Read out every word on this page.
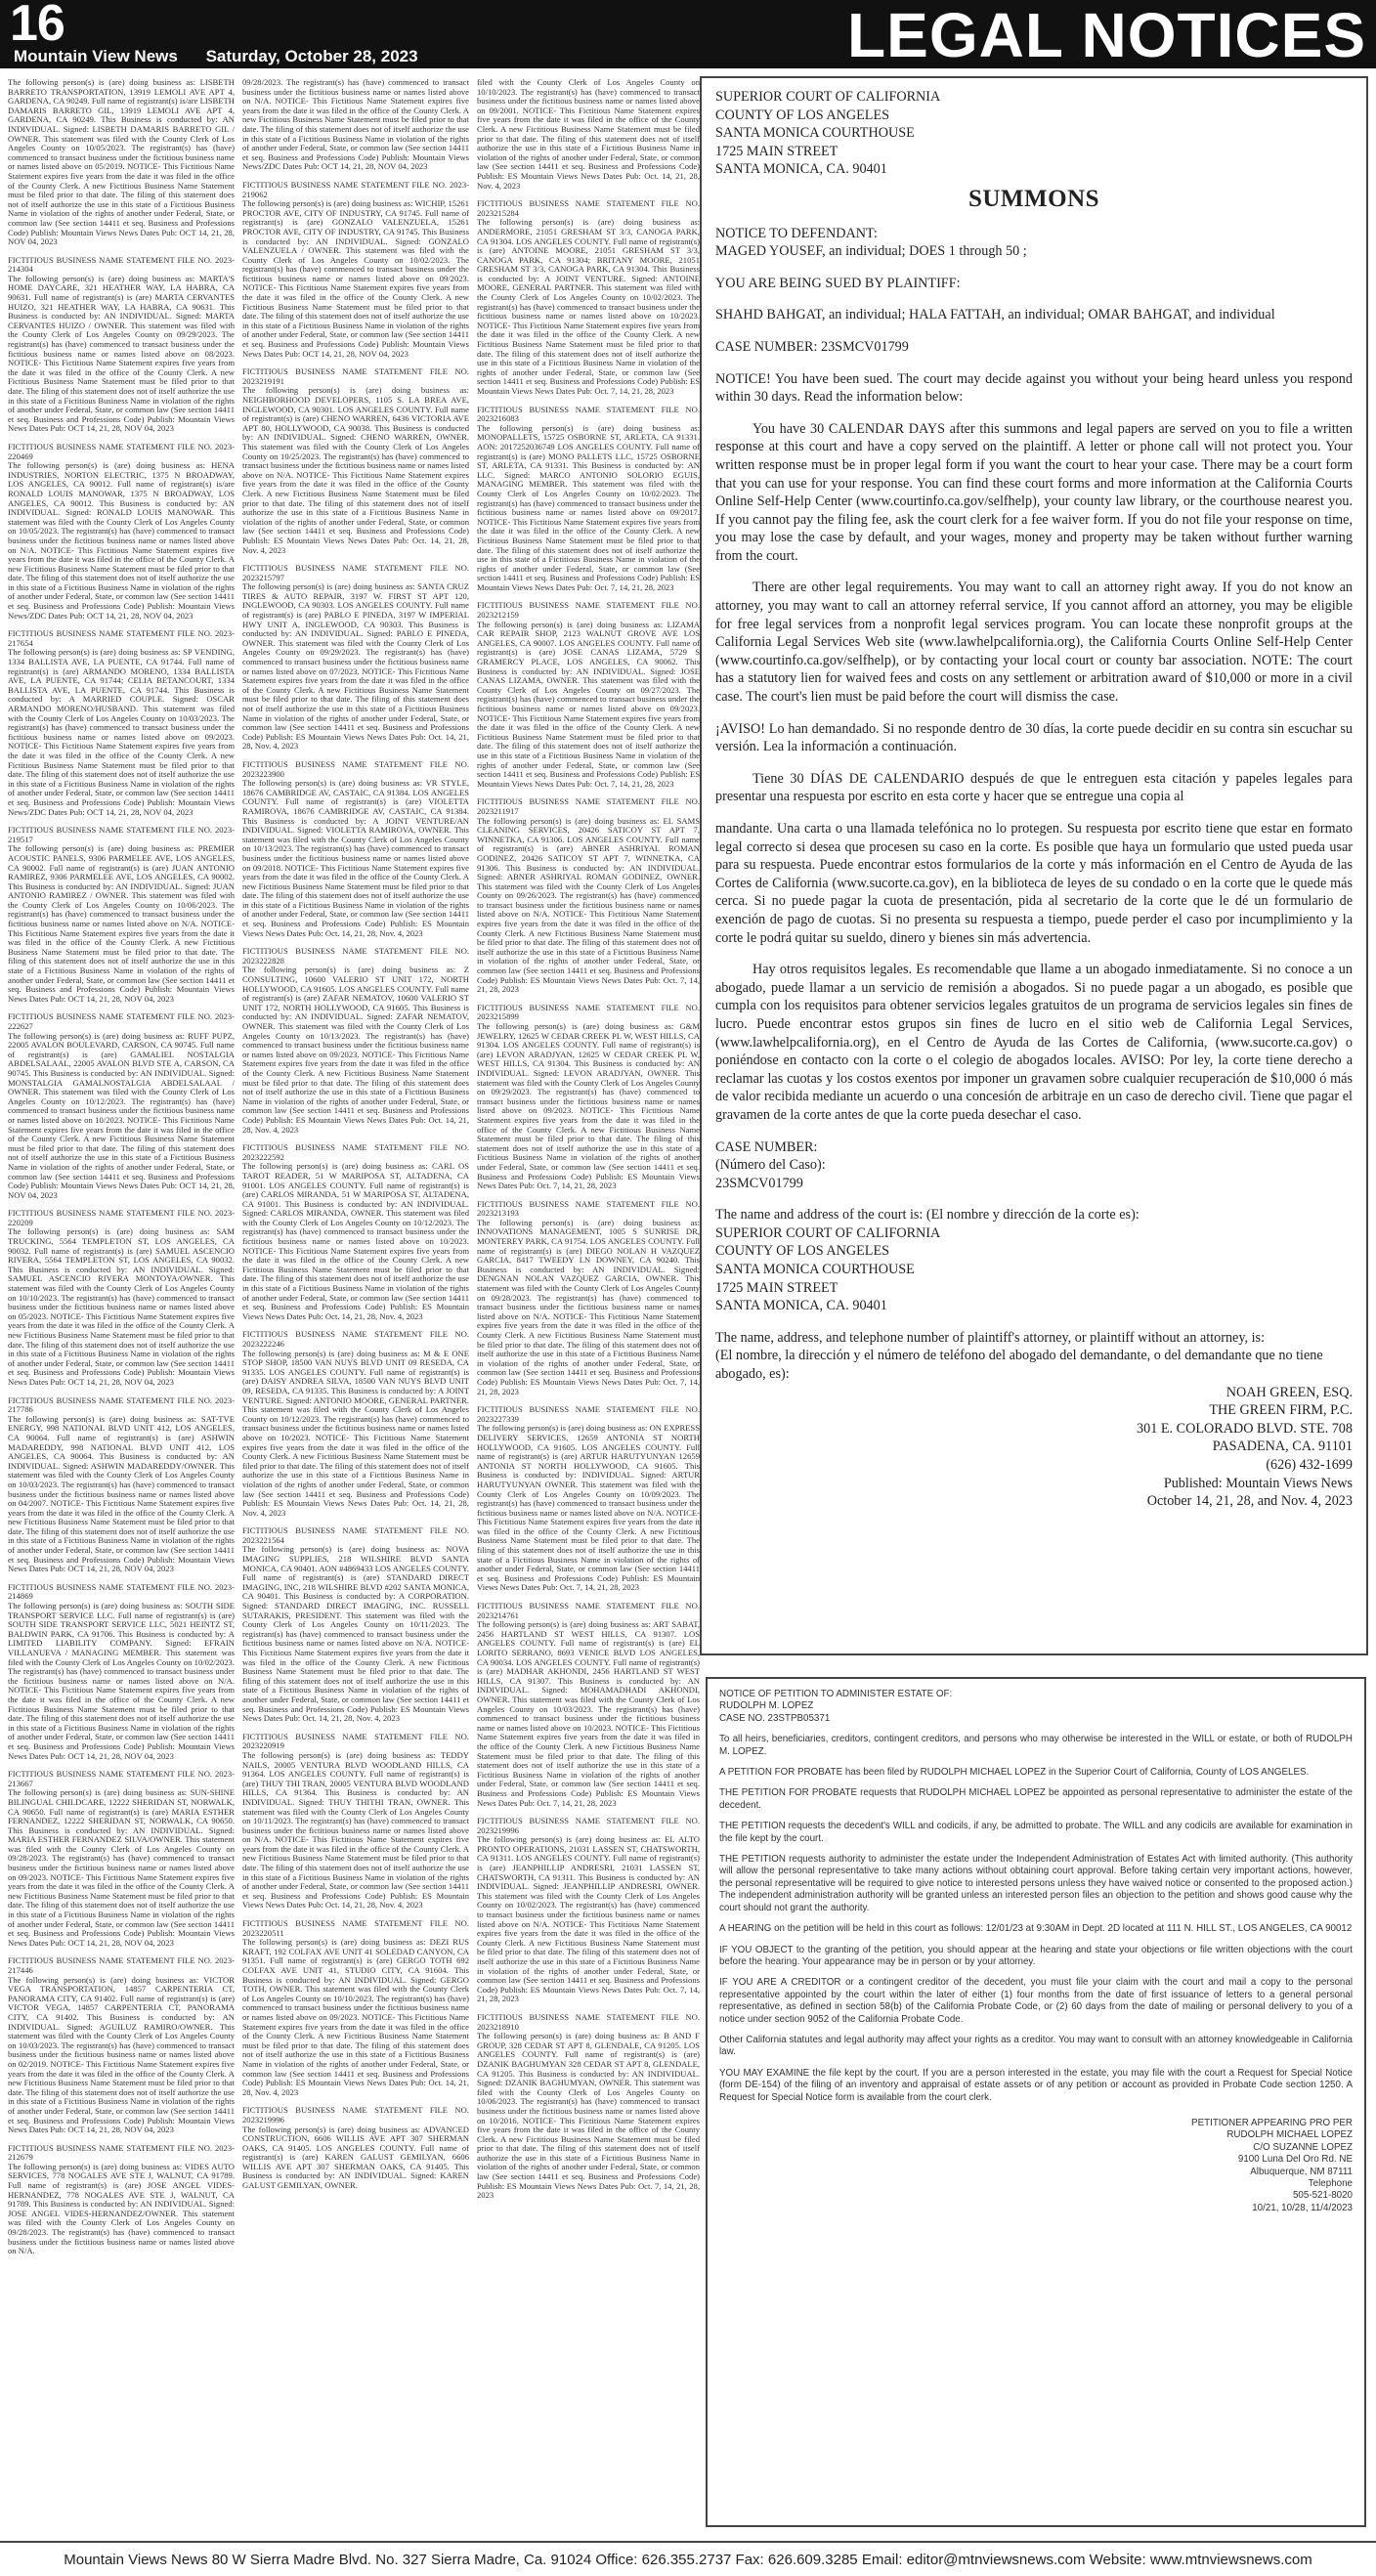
16
Mountain View News Saturday, October 28, 2023	LEGAL NOTICES

The following person(s) is (are) doing business as: LISBETH BARRETO TRANSPORTATION, 13919 LEMOLI AVE APT 4, GARDENA, CA 90249. Full name of registrant(s) is/are LISBETH DAMARIS BARRETO GIL, 13919 LEMOLI AVE APT 4, GARDENA, CA 90249. This Business is conducted by: AN INDIVIDUAL. Signed: LISBETH DAMARIS BARRETO GIL / OWNER. This statement was filed with the County Clerk of Los Angeles County on 10/05/2023. The registrant(s) has (have) commenced to transact business under the fictitious business name or names listed above on 05/2019. NOTICE- This Fictitious Name Statement expires five years from the date it was filed in the office of the County Clerk. A new Fictitious Business Name Statement must be filed prior to that date. The filing of this statement does not of itself authorize the use in this state of a Fictitious Business Name in violation of the rights of another under Federal, State, or common law (See section 14411 et seq. Business and Professions Code) Publish: Mountain Views News Dates Pub: OCT 14, 21, 28, NOV 04, 2023

FICTITIOUS BUSINESS NAME STATEMENT FILE NO. 2023-214304

The following person(s) is (are) doing business as: MARTA'S HOME DAYCARE, 321 HEATHER WAY, LA HABRA, CA 90631. Full name of registrant(s) is (are) MARTA CERVANTES HUIZO, 321 HEATHER WAY, LA HABRA, CA 90631. This Business is conducted by: AN INDIVIDUAL. Signed: MARTA CERVANTES HUIZO / OWNER. This statement was filed with the County Clerk of Los Angeles County on 09/29/2023. The registrant(s) has (have) commenced to transact business under the fictitious business name or names listed above on 08/2023. NOTICE- This Fictitious Name Statement expires five years from the date it was filed in the office of the County Clerk. A new Fictitious Business Name Statement must be filed prior to that date. The filing of this statement does not of itself authorize the use in this state of a Fictitious Business Name in violation of the rights of another under Federal, State, or common law (See section 14411 et seq. Business and Professions Code) Publish: Mountain Views News Dates Pub: OCT 14, 21, 28, NOV 04, 2023

FICTITIOUS BUSINESS NAME STATEMENT FILE NO. 2023-220469

The following person(s) is (are) doing business as: HENA INDUSTRIES, NORTON ELECTRIC, 1375 N BROADWAY, LOS ANGELES, CA 90012. Full name of registrant(s) is/are RONALD LOUIS MANOWAR, 1375 N BROADWAY, LOS ANGELES, CA 90012. This Business is conducted by: AN INDIVIDUAL. Signed: RONALD LOUIS MANOWAR. This statement was filed with the County Clerk of Los Angeles County on 10/05/2023. The registrant(s) has (have) commenced to transact business under the fictitious business name or names listed above on N/A. NOTICE- This Fictitious Name Statement expires five years from the date it was filed in the office of the County Clerk. A new Fictitious Business Name Statement must be filed prior to that date. The filing of this statement does not of itself authorize the use in this state of a Fictitious Business Name in violation of the rights of another under Federal, State, or common law (See section 14411 et seq. Business and Professions Code) Publish: Mountain Views News/ZDC Dates Pub: OCT 14, 21, 28, NOV 04, 2023

FICTITIOUS BUSINESS NAME STATEMENT FILE NO. 2023-217654

The following person(s) is (are) doing business as: SP VENDING, 1334 BALLISTA AVE, LA PUENTE, CA 91744. Full name of registrant(s) is (are) ARMANDO MORENO, 1334 BALLISTA AVE, LA PUENTE, CA 91744; CELIA BETANCOURT, 1334 BALLISTA AVE, LA PUENTE, CA 91744. This Business is conducted by: A MARRIED COUPLE. Signed: OSCAR ARMANDO MORENO/HUSBAND. This statement was filed with the County Clerk of Los Angeles County on 10/03/2023. The registrant(s) has (have) commenced to transact business under the fictitious business name or names listed above on 09/2023. NOTICE- This Fictitious Name Statement expires five years from the date it was filed in the office of the County Clerk. A new Fictitious Business Name Statement must be filed prior to that date. The filing of this statement does not of itself authorize the use in this state of a Fictitious Business Name in violation of the rights of another under Federal, State, or common law (See section 14411 et seq. Business and Professions Code) Publish: Mountain Views News/ZDC Dates Pub: OCT 14, 21, 28, NOV 04, 2023

FICTITIOUS BUSINESS NAME STATEMENT FILE NO. 2023-219517

The following person(s) is (are) doing business as: PREMIER ACOUSTIC PANELS, 9306 PARMELEE AVE, LOS ANGELES, CA 90002. Full name of registrant(s) is (are) JUAN ANTONIO RAMIREZ, 9306 PARMELEE AVE, LOS ANGELES, CA 90002. This Business is conducted by: AN INDIVIDUAL. Signed: JUAN ANTONIO RAMIREZ / OWNER. This statement was filed with the County Clerk of Los Angeles County on 10/06/2023. The registrant(s) has (have) commenced to transact business under the fictitious business name or names listed above on N/A. NOTICE- This Fictitious Name Statement expires five years from the date it was filed in the office of the County Clerk. A new Fictitious Business Name Statement must be filed prior to that date. The filing of this statement does not of itself authorize the use in this state of a Fictitious Business Name in violation of the rights of another under Federal, State, or common law (See section 14411 et seq. Business and Professions Code) Publish: Mountain Views News Dates Pub: OCT 14, 21, 28, NOV 04, 2023

FICTITIOUS BUSINESS NAME STATEMENT FILE NO. 2023-222627

The following person(s) is (are) doing business as: RUFF PUPZ, 22005 AVALON BOULEVARD, CARSON, CA 90745. Full name of registrant(s) is (are) GAMALIEL NOSTALGIA ABDELSALAAL, 22005 AVALON BLVD STE A, CARSON, CA 90745. This Business is conducted by: AN INDIVIDUAL. Signed: MONSTALGIA GAMALNOSTALGIA ABDELSALAAL / OWNER. This statement was filed with the County Clerk of Los Angeles County on 10/12/2023. The registrant(s) has (have) commenced to transact business under the fictitious business name or names listed above on 10/2023. NOTICE- This Fictitious Name Statement expires five years from the date it was filed in the office of the County Clerk. A new Fictitious Business Name Statement must be filed prior to that date. The filing of this statement does not of itself authorize the use in this state of a Fictitious Business Name in violation of the rights of another under Federal, State, or common law (See section 14411 et seq. Business and Professions Code) Publish: Mountain Views News Dates Pub: OCT 14, 21, 28, NOV 04, 2023

FICTITIOUS BUSINESS NAME STATEMENT FILE NO. 2023-220209

The following person(s) is (are) doing business as: SAM TRUCKING, 5564 TEMPLETON ST, LOS ANGELES, CA 90032. Full name of registrant(s) is (are) SAMUEL ASCENCIO RIVERA, 5564 TEMPLETON ST, LOS ANGELES, CA 90032. This Business is conducted by: AN INDIVIDUAL. Signed: SAMUEL ASCENCIO RIVERA MONTOYA/OWNER. This statement was filed with the County Clerk of Los Angeles County on 10/10/2023. The registrant(s) has (have) commenced to transact business under the fictitious business name or names listed above on 05/2023. NOTICE- This Fictitious Name Statement expires five years from the date it was filed in the office of the County Clerk. A new Fictitious Business Name Statement must be filed prior to that date. The filing of this statement does not of itself authorize the use in this state of a Fictitious Business Name in violation of the rights of another under Federal, State, or common law (See section 14411 et seq. Business and Professions Code) Publish: Mountain Views News Dates Pub: OCT 14, 21, 28, NOV 04, 2023

FICTITIOUS BUSINESS NAME STATEMENT FILE NO. 2023-217786

The following person(s) is (are) doing business as: SAT-TVE ENERGY, 998 NATIONAL BLVD UNIT 412, LOS ANGELES, CA 90064. Full name of registrant(s) is (are) ASHWIN MADAREDDY, 998 NATIONAL BLVD UNIT 412, LOS ANGELES, CA 90064. This Business is conducted by: AN INDIVIDUAL. Signed: ASHWIN MADAREDDY/OWNER. This statement was filed with the County Clerk of Los Angeles County on 10/03/2023. The registrant(s) has (have) commenced to transact business under the fictitious business name or names listed above on 04/2007. NOTICE- This Fictitious Name Statement expires five years from the date it was filed in the office of the County Clerk. A new Fictitious Business Name Statement must be filed prior to that date. The filing of this statement does not of itself authorize the use in this state of a Fictitious Business Name in violation of the rights of another under Federal, State, or common law (See section 14411 et seq. Business and Professions Code) Publish: Mountain Views News Dates Pub: OCT 14, 21, 28, NOV 04, 2023

FICTITIOUS BUSINESS NAME STATEMENT FILE NO. 2023-214869

The following person(s) is (are) doing business as: SOUTH SIDE TRANSPORT SERVICE LLC. Full name of registrant(s) is (are) SOUTH SIDE TRANSPORT SERVICE LLC, 5021 HEINTZ ST, BALDWIN PARK, CA 91706. This Business is conducted by: A LIMITED LIABILITY COMPANY. Signed: EFRAIN VILLANUEVA / MANAGING MEMBER. This statement was filed with the County Clerk of Los Angeles County on 10/02/2023. The registrant(s) has (have) commenced to transact business under the fictitious business name or names listed above on N/A. NOTICE- This Fictitious Name Statement expires five years from the date it was filed in the office of the County Clerk. A new Fictitious Business Name Statement must be filed prior to that date. The filing of this statement does not of itself authorize the use in this state of a Fictitious Business Name in violation of the rights of another under Federal, State, or common law (See section 14411 et seq. Business and Professions Code) Publish: Mountain Views News Dates Pub: OCT 14, 21, 28, NOV 04, 2023

FICTITIOUS BUSINESS NAME STATEMENT FILE NO. 2023-213667

The following person(s) is (are) doing business as: SUN-SHINE BILINGUAL CHILDCARE, 12222 SHERIDAN ST, NORWALK, CA 90650. Full name of registrant(s) is (are) MARIA ESTHER FERNANDEZ, 12222 SHERIDAN ST, NORWALK, CA 90650. This Business is conducted by: AN INDIVIDUAL. Signed: MARIA ESTHER FERNANDEZ SILVA/OWNER. This statement was filed with the County Clerk of Los Angeles County on 09/28/2023. The registrant(s) has (have) commenced to transact business under the fictitious business name or names listed above on 09/2023. NOTICE- This Fictitious Name Statement expires five years from the date it was filed in the office of the County Clerk. A new Fictitious Business Name Statement must be filed prior to that date. The filing of this statement does not of itself authorize the use in this state of a Fictitious Business Name in violation of the rights of another under Federal, State, or common law (See section 14411 et seq. Business and Professions Code) Publish: Mountain Views News Dates Pub: OCT 14, 21, 28, NOV 04, 2023

FICTITIOUS BUSINESS NAME STATEMENT FILE NO. 2023-217446

The following person(s) is (are) doing business as: VICTOR VEGA TRANSPORTATION, 14857 CARPENTERIA CT, PANORAMA CITY, CA 91402. Full name of registrant(s) is (are) VICTOR VEGA, 14857 CARPENTERIA CT, PANORAMA CITY, CA 91402. This Business is conducted by: AN INDIVIDUAL. Signed: AGUILUZ RAMIRO/OWNER. This statement was filed with the County Clerk of Los Angeles County on 10/03/2023. The registrant(s) has (have) commenced to transact business under the fictitious business name or names listed above on 02/2019. NOTICE- This Fictitious Name Statement expires five years from the date it was filed in the office of the County Clerk. A new Fictitious Business Name Statement must be filed prior to that date. The filing of this statement does not of itself authorize the use in this state of a Fictitious Business Name in violation of the rights of another under Federal, State, or common law (See section 14411 et seq. Business and Professions Code) Publish: Mountain Views News Dates Pub: OCT 14, 21, 28, NOV 04, 2023

FICTITIOUS BUSINESS NAME STATEMENT FILE NO. 2023-212679

The following person(s) is (are) doing business as: VIDES AUTO SERVICES, 778 NOGALES AVE STE J, WALNUT, CA 91789. Full name of registrant(s) is (are) JOSE ANGEL VIDES-HERNANDEZ, 778 NOGALES AVE STE J, WALNUT, CA 91789. This Business is conducted by: AN INDIVIDUAL. Signed: JOSE ANGEL VIDES-HERNANDEZ/OWNER. This statement was filed with the County Clerk of Los Angeles County on 09/28/2023. The registrant(s) has (have) commenced to transact business under the fictitious business name or names listed above on N/A.

09/28/2023. The registrant(s) has (have) commenced to transact business under the fictitious business name or names listed above on N/A. NOTICE- This Fictitious Name Statement expires five years from the date it was filed in the office of the County Clerk. A new Fictitious Business Name Statement must be filed prior to that date. The filing of this statement does not of itself authorize the use in this state of a Fictitious Business Name in violation of the rights of another under Federal, State, or common law (See section 14411 et seq. Business and Professions Code) Publish: Mountain Views News/ZDC Dates Pub: OCT 14, 21, 28, NOV 04, 2023

FICTITIOUS BUSINESS NAME STATEMENT FILE NO. 2023-219062

The following person(s) is (are) doing business as: WICHIP, 15261 PROCTOR AVE, CITY OF INDUSTRY, CA 91745. Full name of registrant(s) is (are) GONZALO VALENZUELA, 15261 PROCTOR AVE, CITY OF INDUSTRY, CA 91745. This Business is conducted by: AN INDIVIDUAL. Signed: GONZALO VALENZUELA / OWNER. This statement was filed with the County Clerk of Los Angeles County on 10/02/2023. The registrant(s) has (have) commenced to transact business under the fictitious business name or names listed above on 09/2023. NOTICE- This Fictitious Name Statement expires five years from the date it was filed in the office of the County Clerk. A new Fictitious Business Name Statement must be filed prior to that date. The filing of this statement does not of itself authorize the use in this state of a Fictitious Business Name in violation of the rights of another under Federal, State, or common law (See section 14411 et seq. Business and Professions Code) Publish: Mountain Views News Dates Pub: OCT 14, 21, 28, NOV 04, 2023

FICTITIOUS BUSINESS NAME STATEMENT FILE NO. 2023219191

The following person(s) is (are) doing business as: NEIGHBORHOOD DEVELOPERS, 1105 S. LA BREA AVE, INGLEWOOD, CA 90301. LOS ANGELES COUNTY. Full name of registrant(s) is (are) CHENO WARREN, 6436 VICTORIA AVE APT 80, HOLLYWOOD, CA 90038. This Business is conducted by: AN INDIVIDUAL. Signed: CHENO WARREN, OWNER. This statement was filed with the County Clerk of Los Angeles County on 10/25/2023. The registrant(s) has (have) commenced to transact business under the fictitious business name or names listed above on N/A. NOTICE- This Fictitious Name Statement expires five years from the date it was filed in the office of the County Clerk. A new Fictitious Business Name Statement must be filed prior to that date. The filing of this statement does not of itself authorize the use in this state of a Fictitious Business Name in violation of the rights of another under Federal, State, or common law (See section 14411 et seq. Business and Professions Code) Publish: ES Mountain Views News Dates Pub: Oct. 14, 21, 28, Nov. 4, 2023

FICTITIOUS BUSINESS NAME STATEMENT FILE NO. 2023215797

The following person(s) is (are) doing business as: SANTA CRUZ TIRES & AUTO REPAIR, 3197 W. FIRST ST APT 120, INGLEWOOD, CA 90303. LOS ANGELES COUNTY. Full name of registrant(s) is (are) PABLO E PINEDA, 3197 W IMPERIAL HWY UNIT A, INGLEWOOD, CA 90303. This Business is conducted by: AN INDIVIDUAL. Signed: PABLO E PINEDA, OWNER. This statement was filed with the County Clerk of Los Angeles County on 09/29/2023. The registrant(s) has (have) commenced to transact business under the fictitious business name or names listed above on 07/2023. NOTICE- This Fictitious Name Statement expires five years from the date it was filed in the office of the County Clerk. A new Fictitious Business Name Statement must be filed prior to that date. The filing of this statement does not of itself authorize the use in this state of a Fictitious Business Name in violation of the rights of another under Federal, State, or common law (See section 14411 et seq. Business and Professions Code) Publish: ES Mountain Views News Dates Pub: Oct. 14, 21, 28, Nov. 4, 2023

FICTITIOUS BUSINESS NAME STATEMENT FILE NO. 2023223900

The following person(s) is (are) doing business as: VR STYLE, 18676 CAMBRIDGE AV, CASTAIC, CA 91384. LOS ANGELES COUNTY. Full name of registrant(s) is (are) VIOLETTA RAMIROVA, 18676 CAMBRIDGE AV, CASTAIC, CA 91384. This Business is conducted by: A JOINT VENTURE/AN INDIVIDUAL. Signed: VIOLETTA RAMIROVA, OWNER. This statement was filed with the County Clerk of Los Angeles County on 10/13/2023. The registrant(s) has (have) commenced to transact business under the fictitious business name or names listed above on 09/2018. NOTICE- This Fictitious Name Statement expires five years from the date it was filed in the office of the County Clerk. A new Fictitious Business Name Statement must be filed prior to that date. The filing of this statement does not of itself authorize the use in this state of a Fictitious Business Name in violation of the rights of another under Federal, State, or common law (See section 14411 et seq. Business and Professions Code) Publish: ES Mountain Views News Dates Pub: Oct. 14, 21, 28, Nov. 4, 2023

FICTITIOUS BUSINESS NAME STATEMENT FILE NO. 2023222828

The following person(s) is (are) doing business as: Z CONSULTING, 10600 VALERIO ST UNIT 172, NORTH HOLLYWOOD, CA 91605. LOS ANGELES COUNTY. Full name of registrant(s) is (are) ZAFAR NEMATOV, 10600 VALERIO ST UNIT 172, NORTH HOLLYWOOD, CA 91605. This Business is conducted by: AN INDIVIDUAL. Signed: ZAFAR NEMATOV, OWNER. This statement was filed with the County Clerk of Los Angeles County on 10/13/2023. The registrant(s) has (have) commenced to transact business under the fictitious business name or names listed above on 09/2023. NOTICE- This Fictitious Name Statement expires five years from the date it was filed in the office of the County Clerk. A new Fictitious Business Name Statement must be filed prior to that date. The filing of this statement does not of itself authorize the use in this state of a Fictitious Business Name in violation of the rights of another under Federal, State, or common law (See section 14411 et seq. Business and Professions Code) Publish: ES Mountain Views News Dates Pub: Oct. 14, 21, 28, Nov. 4, 2023

FICTITIOUS BUSINESS NAME STATEMENT FILE NO. 2023222592

The following person(s) is (are) doing business as: CARL OS TAROT READER, 51 W MARIPOSA ST, ALTADENA, CA 91001. LOS ANGELES COUNTY. Full name of registrant(s) is (are) CARLOS MIRANDA, 51 W MARIPOSA ST, ALTADENA, CA 91001. This Business is conducted by: AN INDIVIDUAL. Signed: CARLOS MIRANDA, OWNER. This statement was filed with the County Clerk of Los Angeles County on 10/12/2023. The registrant(s) has (have) commenced to transact business under the fictitious business name or names listed above on 10/2023. NOTICE- This Fictitious Name Statement expires five years from the date it was filed in the office of the County Clerk. A new Fictitious Business Name Statement must be filed prior to that date. The filing of this statement does not of itself authorize the use in this state of a Fictitious Business Name in violation of the rights of another under Federal, State, or common law (See section 14411 et seq. Business and Professions Code) Publish: ES Mountain Views News Dates Pub: Oct. 14, 21, 28, Nov. 4, 2023

FICTITIOUS BUSINESS NAME STATEMENT FILE NO. 2023222246

The following person(s) is (are) doing business as: M & E ONE STOP SHOP, 18500 VAN NUYS BLVD UNIT 09 RESEDA, CA 91335. LOS ANGELES COUNTY. Full name of registrant(s) is (are) DAISY ANDREA SILVA, 18500 VAN NUYS BLVD UNIT 09, RESEDA, CA 91335. This Business is conducted by: A JOINT VENTURE. Signed: ANTONIO MOORE, GENERAL PARTNER. This statement was filed with the County Clerk of Los Angeles County on 10/12/2023. The registrant(s) has (have) commenced to transact business under the fictitious business name or names listed above on 10/2023. NOTICE- This Fictitious Name Statement expires five years from the date it was filed in the office of the County Clerk. A new Fictitious Business Name Statement must be filed prior to that date. The filing of this statement does not of itself authorize the use in this state of a Fictitious Business Name in violation of the rights of another under Federal, State, or common law (See section 14411 et seq. Business and Professions Code) Publish: ES Mountain Views News Dates Pub: Oct. 14, 21, 28, Nov. 4, 2023

FICTITIOUS BUSINESS NAME STATEMENT FILE NO. 2023221564

The following person(s) is (are) doing business as: NOVA IMAGING SUPPLIES, 218 WILSHIRE BLVD SANTA MONICA, CA 90401. AON #4869433 LOS ANGELES COUNTY. Full name of registrant(s) is (are) STANDARD DIRECT IMAGING, INC, 218 WILSHIRE BLVD #202 SANTA MONICA, CA 90401. This Business is conducted by: A CORPORATION. Signed: STANDARD DIRECT IMAGING, INC. RUSSELL SUTARAKIS, PRESIDENT. This statement was filed with the County Clerk of Los Angeles County on 10/11/2023. The registrant(s) has (have) commenced to transact business under the fictitious business name or names listed above on N/A. NOTICE- This Fictitious Name Statement expires five years from the date it was filed in the office of the County Clerk. A new Fictitious Business Name Statement must be filed prior to that date. The filing of this statement does not of itself authorize the use in this state of a Fictitious Business Name in violation of the rights of another under Federal, State, or common law (See section 14411 et seq. Business and Professions Code) Publish: ES Mountain Views News Dates Pub: Oct. 14, 21, 28, Nov. 4, 2023

FICTITIOUS BUSINESS NAME STATEMENT FILE NO. 2023220919

The following person(s) is (are) doing business as: TEDDY NAILS, 20005 VENTURA BLVD WOODLAND HILLS, CA 91364. LOS ANGELES COUNTY. Full name of registrant(s) is (are) THUY THI TRAN, 20005 VENTURA BLVD WOODLAND HILLS, CA 91364. This Business is conducted by: AN INDIVIDUAL. Signed: THUY THITHI TRAN, OWNER. This statement was filed with the County Clerk of Los Angeles County on 10/11/2023. The registrant(s) has (have) commenced to transact business under the fictitious business name or names listed above on N/A. NOTICE- This Fictitious Name Statement expires five years from the date it was filed in the office of the County Clerk. A new Fictitious Business Name Statement must be filed prior to that date. The filing of this statement does not of itself authorize the use in this state of a Fictitious Business Name in violation of the rights of another under Federal, State, or common law (See section 14411 et seq. Business and Professions Code) Publish: ES Mountain Views News Dates Pub: Oct. 14, 21, 28, Nov. 4, 2023

FICTITIOUS BUSINESS NAME STATEMENT FILE NO. 2023220511

The following person(s) is (are) doing business as: DEZI RUS KRAFT, 192 COLFAX AVE UNIT 41 SOLEDAD CANYON, CA 91351. Full name of registrant(s) is (are) GERGO TOTH 692 COLFAX AVE UNIT 41, STUDIO CITY, CA 91604. This Business is conducted by: AN INDIVIDUAL. Signed: GERGO TOTH, OWNER. This statement was filed with the County Clerk of Los Angeles County on 10/10/2023. The registrant(s) has (have) commenced to transact business under the fictitious business name or names listed above on 09/2023. NOTICE- This Fictitious Name Statement expires five years from the date it was filed in the office of the County Clerk. A new Fictitious Business Name Statement must be filed prior to that date. The filing of this statement does not of itself authorize the use in this state of a Fictitious Business Name in violation of the rights of another under Federal, State, or common law (See section 14411 et seq. Business and Professions Code) Publish: ES Mountain Views News Dates Pub: Oct. 14, 21, 28, Nov. 4, 2023

FICTITIOUS BUSINESS NAME STATEMENT FILE NO. 2023219996

The following person(s) is (are) doing business as: ADVANCED CONSTRUCTION, 6606 WILLIS AVE APT 307 SHERMAN OAKS, CA 91405. LOS ANGELES COUNTY. Full name of registrant(s) is (are) KAREN GALUST GEMILYAN, 6606 WILLIS AVE APT 307 SHERMAN OAKS, CA 91405. This Business is conducted by: AN INDIVIDUAL. Signed: KAREN GALUST GEMILYAN, OWNER.

filed with the County Clerk of Los Angeles County on 10/10/2023. The registrant(s) has (have) commenced to transact business under the fictitious business name or names listed above on 09/2001. NOTICE- This Fictitious Name Statement expires five years from the date it was filed in the office of the County Clerk. A new Fictitious Business Name Statement must be filed prior to that date. The filing of this statement does not of itself authorize the use in this state of a Fictitious Business Name in violation of the rights of another under Federal, State, or common law (See section 14411 et seq. Business and Professions Code) Publish: ES Mountain Views News Dates Pub: Oct. 14, 21, 28, Nov. 4, 2023

FICTITIOUS BUSINESS NAME STATEMENT FILE NO. 2023215284

The following person(s) is (are) doing business as: ANDERMORE, 21051 GRESHAM ST 3/3, CANOGA PARK, CA 91304. LOS ANGELES COUNTY. Full name of registrant(s) is (are) ANTOINE MOORE, 21051 GRESHAM ST 3/3, CANOGA PARK, CA 91304; BRITANY MOORE, 21051 GRESHAM ST 3/3, CANOGA PARK, CA 91304. This Business is conducted by: A JOINT VENTURE. Signed: ANTOINE MOORE, GENERAL PARTNER. This statement was filed with the County Clerk of Los Angeles County on 10/02/2023. The registrant(s) has (have) commenced to transact business under the fictitious business name or names listed above on 10/2023. NOTICE- This Fictitious Name Statement expires five years from the date it was filed in the office of the County Clerk. A new Fictitious Business Name Statement must be filed prior to that date. The filing of this statement does not of itself authorize the use in this state of a Fictitious Business Name in violation of the rights of another under Federal, State, or common law (See section 14411 et seq. Business and Professions Code) Publish: ES Mountain Views News Dates Pub: Oct. 7, 14, 21, 28, 2023

FICTITIOUS BUSINESS NAME STATEMENT FILE NO. 2023216083

The following person(s) is (are) doing business as: MONOPALLETS, 15725 OSBORNE ST, ARLETA, CA 91331. AON: 2017252036749 LOS ANGELES COUNTY. Full name of registrant(s) is (are) MONO PALLETS LLC, 15725 OSBORNE ST, ARLETA, CA 91331. This Business is conducted by: AN LLC. Signed: MARCO ANTONIO SOLORIO EGUIS, MANAGING MEMBER. This statement was filed with the County Clerk of Los Angeles County on 10/02/2023. The registrant(s) has (have) commenced to transact business under the fictitious business name or names listed above on 09/2017. NOTICE- This Fictitious Name Statement expires five years from the date it was filed in the office of the County Clerk. A new Fictitious Business Name Statement must be filed prior to that date. The filing of this statement does not of itself authorize the use in this state of a Fictitious Business Name in violation of the rights of another under Federal, State, or common law (See section 14411 et seq. Business and Professions Code) Publish: ES Mountain Views News Dates Pub: Oct. 7, 14, 21, 28, 2023

FICTITIOUS BUSINESS NAME STATEMENT FILE NO. 2023212159

The following person(s) is (are) doing business as: LIZAMA CAR REPAIR SHOP, 2123 WALNUT GROVE AVE LOS ANGELES, CA 90007. LOS ANGELES COUNTY. Full name of registrant(s) is (are) JOSE CANAS LIZAMA, 5729 S GRAMERCY PLACE, LOS ANGELES, CA 90062. This Business is conducted by: AN INDIVIDUAL. Signed: JOSE CANAS LIZAMA, OWNER. This statement was filed with the County Clerk of Los Angeles County on 09/27/2023. The registrant(s) has (have) commenced to transact business under the fictitious business name or names listed above on 09/2023. NOTICE- This Fictitious Name Statement expires five years from the date it was filed in the office of the County Clerk. A new Fictitious Business Name Statement must be filed prior to that date. The filing of this statement does not of itself authorize the use in this state of a Fictitious Business Name in violation of the rights of another under Federal, State, or common law (See section 14411 et seq. Business and Professions Code) Publish: ES Mountain Views News Dates Pub: Oct. 7, 14, 21, 28, 2023

FICTITIOUS BUSINESS NAME STATEMENT FILE NO. 2023211917

The following person(s) is (are) doing business as: EL SAMS CLEANING SERVICES, 20426 SATICOY ST APT 7, WINNETKA, CA 91306. LOS ANGELES COUNTY. Full name of registrant(s) is (are) ABNER ASHRIYAL ROMAN GODINEZ, 20426 SATICOY ST APT 7, WINNETKA, CA 91306. This Business is conducted by: AN INDIVIDUAL. Signed: ABNER ASHRIYAL ROMAN GODINEZ, OWNER. This statement was filed with the County Clerk of Los Angeles County on 09/26/2023. The registrant(s) has (have) commenced to transact business under the fictitious business name or names listed above on N/A. NOTICE- This Fictitious Name Statement expires five years from the date it was filed in the office of the County Clerk. A new Fictitious Business Name Statement must be filed prior to that date. The filing of this statement does not of itself authorize the use in this state of a Fictitious Business Name in violation of the rights of another under Federal, State, or common law (See section 14411 et seq. Business and Professions Code) Publish: ES Mountain Views News Dates Pub: Oct. 7, 14, 21, 28, 2023

FICTITIOUS BUSINESS NAME STATEMENT FILE NO. 2023215899

The following person(s) is (are) doing business as: G&M JEWELRY, 12625 W CEDAR CREEK PL W, WEST HILLS, CA 91304. LOS ANGELES COUNTY. Full name of registrant(s) is (are) LEVON ARADJYAN, 12625 W CEDAR CREEK PL W, WEST HILLS, CA 91304. This Business is conducted by: AN INDIVIDUAL. Signed: LEVON ARADJYAN, OWNER. This statement was filed with the County Clerk of Los Angeles County on 09/29/2023. The registrant(s) has (have) commenced to transact business under the fictitious business name or names listed above on 09/2023. NOTICE- This Fictitious Name Statement expires five years from the date it was filed in the office of the County Clerk. A new Fictitious Business Name Statement must be filed prior to that date. The filing of this statement does not of itself authorize the use in this state of a Fictitious Business Name in violation of the rights of another under Federal, State, or common law (See section 14411 et seq. Business and Professions Code) Publish: ES Mountain Views News Dates Pub: Oct. 7, 14, 21, 28, 2023

FICTITIOUS BUSINESS NAME STATEMENT FILE NO. 2023213193

The following person(s) is (are) doing business as: INNOVATIONS MANAGEMENT, 1005 S SUNRISE DR, MONTEREY PARK, CA 91754. LOS ANGELES COUNTY. Full name of registrant(s) is (are) DIEGO NOLAN H VAZQUEZ GARCIA, 8417 TWEEDY LN DOWNEY, CA 90240. This Business is conducted by: AN INDIVIDUAL. Signed: DENGNAN NOLAN VAZQUEZ GARCIA, OWNER. This statement was filed with the County Clerk of Los Angeles County on 09/28/2023. The registrant(s) has (have) commenced to transact business under the fictitious business name or names listed above on N/A. NOTICE- This Fictitious Name Statement expires five years from the date it was filed in the office of the County Clerk. A new Fictitious Business Name Statement must be filed prior to that date. The filing of this statement does not of itself authorize the use in this state of a Fictitious Business Name in violation of the rights of another under Federal, State, or common law (See section 14411 et seq. Business and Professions Code) Publish: ES Mountain Views News Dates Pub: Oct. 7, 14, 21, 28, 2023

FICTITIOUS BUSINESS NAME STATEMENT FILE NO. 2023227339

The following person(s) is (are) doing business as: ON EXPRESS DELIVERY SERVICES, 12659 ANTONIA ST NORTH HOLLYWOOD, CA 91605. LOS ANGELES COUNTY. Full name of registrant(s) is (are) ARTUR HARUTYUNYAN 12659 ANTONIA ST NORTH HOLLYWOOD, CA 91605. This Business is conducted by: INDIVIDUAL. Signed: ARTUR HARUTYUNYAN OWNER. This statement was filed with the County Clerk of Los Angeles County on 10/09/2023. The registrant(s) has (have) commenced to transact business under the fictitious business name or names listed above on N/A. NOTICE- This Fictitious Name Statement expires five years from the date it was filed in the office of the County Clerk. A new Fictitious Business Name Statement must be filed prior to that date. The filing of this statement does not of itself authorize the use in this state of a Fictitious Business Name in violation of the rights of another under Federal, State, or common law (See section 14411 et seq. Business and Professions Code) Publish: ES Mountain Views News Dates Pub: Oct. 7, 14, 21, 28, 2023

FICTITIOUS BUSINESS NAME STATEMENT FILE NO. 2023214761

The following person(s) is (are) doing business as: ART SABAT, 2456 HARTLAND ST WEST HILLS, CA 91307. LOS ANGELES COUNTY. Full name of registrant(s) is (are) EL LORITO SERRANO, 8693 VENICE BLVD LOS ANGELES, CA 90034. LOS ANGELES COUNTY. Full name of registrant(s) is (are) MADHAR AKHONDI, 2456 HARTLAND ST WEST HILLS, CA 91307. This Business is conducted by: AN INDIVIDUAL. Signed: MOHAMADHADI AKHONDI, OWNER. This statement was filed with the County Clerk of Los Angeles County on 10/03/2023. The registrant(s) has (have) commenced to transact business under the fictitious business name or names listed above on 10/2023. NOTICE- This Fictitious Name Statement expires five years from the date it was filed in the office of the County Clerk. A new Fictitious Business Name Statement must be filed prior to that date. The filing of this statement does not of itself authorize the use in this state of a Fictitious Business Name in violation of the rights of another under Federal, State, or common law (See section 14411 et seq. Business and Professions Code) Publish: ES Mountain Views News Dates Pub: Oct. 7, 14, 21, 28, 2023

FICTITIOUS BUSINESS NAME STATEMENT FILE NO. 2023219996

The following person(s) is (are) doing business as: EL ALTO PRONTO OPERATIONS, 21031 LASSEN ST, CHATSWORTH, CA 91311. LOS ANGELES COUNTY. Full name of registrant(s) is (are) JEANPHILLIP ANDRESRI, 21031 LASSEN ST, CHATSWORTH, CA 91311. This Business is conducted by: AN INDIVIDUAL. Signed: JEANPHILLIP ANDRESRI, OWNER. This statement was filed with the County Clerk of Los Angeles County on 10/02/2023. The registrant(s) has (have) commenced to transact business under the fictitious business name or names listed above on N/A. NOTICE- This Fictitious Name Statement expires five years from the date it was filed in the office of the County Clerk. A new Fictitious Business Name Statement must be filed prior to that date. The filing of this statement does not of itself authorize the use in this state of a Fictitious Business Name in violation of the rights of another under Federal, State, or common law (See section 14411 et seq. Business and Professions Code) Publish: ES Mountain Views News Dates Pub: Oct. 7, 14, 21, 28, 2023

FICTITIOUS BUSINESS NAME STATEMENT FILE NO. 2023218910

The following person(s) is (are) doing business as: B AND F GROUP, 328 CEDAR ST APT 8, GLENDALE, CA 91205. LOS ANGELES COUNTY. Full name of registrant(s) is (are) DZANIK BAGHUMYAN 328 CEDAR ST APT 8, GLENDALE, CA 91205. This Business is conducted by: AN INDIVIDUAL. Signed: DZANIK BAGHUMYAN, OWNER. This statement was filed with the County Clerk of Los Angeles County on 10/06/2023. The registrant(s) has (have) commenced to transact business under the fictitious business name or names listed above on 10/2016. NOTICE- This Fictitious Name Statement expires five years from the date it was filed in the office of the County Clerk. A new Fictitious Business Name Statement must be filed prior to that date. The filing of this statement does not of itself authorize the use in this state of a Fictitious Business Name in violation of the rights of another under Federal, State, or common law (See section 14411 et seq. Business and Professions Code) Publish: ES Mountain Views News Dates Pub: Oct. 7, 14, 21, 28, 2023

SUPERIOR COURT OF CALIFORNIA
COUNTY OF LOS ANGELES
SANTA MONICA COURTHOUSE
1725 MAIN STREET
SANTA MONICA, CA. 90401
SUMMONS

NOTICE TO DEFENDANT:

MAGED YOUSEF, an individual; DOES 1 through 50 ;

YOU ARE BEING SUED BY PLAINTIFF:

SHAHD BAHGAT, an individual; HALA FATTAH, an individual; OMAR BAHGAT, and individual

CASE NUMBER: 23SMCV01799

NOTICE! You have been sued. The court may decide against you without your being heard unless you respond within 30 days. Read the information below:

You have 30 CALENDAR DAYS after this summons and legal papers are served on you to file a written response at this court and have a copy served on the plaintiff. A letter or phone call will not protect you. Your written response must be in proper legal form if you want the court to hear your case. There may be a court form that you can use for your response. You can find these court forms and more information at the California Courts Online Self-Help Center (www.courtinfo.ca.gov/selfhelp), your county law library, or the courthouse nearest you. If you cannot pay the filing fee, ask the court clerk for a fee waiver form. If you do not file your response on time, you may lose the case by default, and your wages, money and property may be taken without further warning from the court.

There are other legal requirements. You may want to call an attorney right away. If you do not know an attorney, you may want to call an attorney referral service, If you cannot afford an attorney, you may be eligible for free legal services from a nonprofit legal services program. You can locate these nonprofit groups at the California Legal Services Web site (www.lawhelpcalifornia.org), the California Courts Online Self-Help Center (www.courtinfo.ca.gov/selfhelp), or by contacting your local court or county bar association. NOTE: The court has a statutory lien for waived fees and costs on any settlement or arbitration award of $10,000 or more in a civil case. The court's lien must be paid before the court will dismiss the case.

¡AVISO! Lo han demandado. Si no responde dentro de 30 días, la corte puede decidir en su contra sin escuchar su versión. Lea la información a continuación.

Tiene 30 DÍAS DE CALENDARIO después de que le entreguen esta citación y papeles legales para presentar una respuesta por escrito en esta corte y hacer que se entregue una copia al

mandante. Una carta o una llamada telefónica no lo protegen. Su respuesta por escrito tiene que estar en formato legal correcto si desea que procesen su caso en la corte. Es posible que haya un formulario que usted pueda usar para su respuesta. Puede encontrar estos formularios de la corte y más información en el Centro de Ayuda de las Cortes de California (www.sucorte.ca.gov), en la biblioteca de leyes de su condado o en la corte que le quede más cerca. Si no puede pagar la cuota de presentación, pida al secretario de la corte que le dé un formulario de exención de pago de cuotas. Si no presenta su respuesta a tiempo, puede perder el caso por incumplimiento y la corte le podrá quitar su sueldo, dinero y bienes sin más advertencia.

Hay otros requisitos legales. Es recomendable que llame a un abogado inmediatamente. Si no conoce a un abogado, puede llamar a un servicio de remisión a abogados. Si no puede pagar a un abogado, es posible que cumpla con los requisitos para obtener servicios legales gratuitos de un programa de servicios legales sin fines de lucro. Puede encontrar estos grupos sin fines de lucro en el sitio web de California Legal Services, (www.lawhelpcalifornia.org), en el Centro de Ayuda de las Cortes de California, (www.sucorte.ca.gov) o poniéndose en contacto con la corte o el colegio de abogados locales. AVISO: Por ley, la corte tiene derecho a reclamar las cuotas y los costos exentos por imponer un gravamen sobre cualquier recuperación de $10,000 ó más de valor recibida mediante un acuerdo o una concesión de arbitraje en un caso de derecho civil. Tiene que pagar el gravamen de la corte antes de que la corte pueda desechar el caso.

CASE NUMBER:

(Número del Caso):

23SMCV01799

The name and address of the court is: (El nombre y dirección de la corte es):

SUPERIOR COURT OF CALIFORNIA
COUNTY OF LOS ANGELES
SANTA MONICA COURTHOUSE
1725 MAIN STREET
SANTA MONICA, CA. 90401

The name, address, and telephone number of plaintiff's attorney, or plaintiff without an attorney, is:

(El nombre, la dirección y el número de teléfono del abogado del demandante, o del demandante que no tiene abogado, es):

NOAH GREEN, ESQ.
THE GREEN FIRM, P.C.
301 E. COLORADO BLVD. STE. 708
PASADENA, CA. 91101
(626) 432-1699
Published: Mountain Views News
October 14, 21, 28, and Nov. 4, 2023

NOTICE OF PETITION TO ADMINISTER ESTATE OF:

RUDOLPH M. LOPEZ

CASE NO. 23STPB05371

To all heirs, beneficiaries, creditors, contingent creditors, and persons who may otherwise be interested in the WILL or estate, or both of RUDOLPH M. LOPEZ.

A PETITION FOR PROBATE has been filed by RUDOLPH MICHAEL LOPEZ in the Superior Court of California, County of LOS ANGELES.

THE PETITION FOR PROBATE requests that RUDOLPH MICHAEL LOPEZ be appointed as personal representative to administer the estate of the decedent.

THE PETITION requests the decedent's WILL and codicils, if any, be admitted to probate. The WILL and any codicils are available for examination in the file kept by the court.

THE PETITION requests authority to administer the estate under the Independent Administration of Estates Act with limited authority. (This authority will allow the personal representative to take many actions without obtaining court approval. Before taking certain very important actions, however, the personal representative will be required to give notice to interested persons unless they have waived notice or consented to the proposed action.) The independent administration authority will be granted unless an interested person files an objection to the petition and shows good cause why the court should not grant the authority.

A HEARING on the petition will be held in this court as follows: 12/01/23 at 9:30AM in Dept. 2D located at 111 N. HILL ST., LOS ANGELES, CA 90012

IF YOU OBJECT to the granting of the petition, you should appear at the hearing and state your objections or file written objections with the court before the hearing. Your appearance may be in person or by your attorney.

IF YOU ARE A CREDITOR or a contingent creditor of the decedent, you must file your claim with the court and mail a copy to the personal representative appointed by the court within the later of either (1) four months from the date of first issuance of letters to a general personal representative, as defined in section 58(b) of the California Probate Code, or (2) 60 days from the date of mailing or personal delivery to you of a notice under section 9052 of the California Probate Code.

Other California statutes and legal authority may affect your rights as a creditor. You may want to consult with an attorney knowledgeable in California law.

YOU MAY EXAMINE the file kept by the court. If you are a person interested in the estate, you may file with the court a Request for Special Notice (form DE-154) of the filing of an inventory and appraisal of estate assets or of any petition or account as provided in Probate Code section 1250. A Request for Special Notice form is available from the court clerk.

PETITIONER APPEARING PRO PER
RUDOLPH MICHAEL LOPEZ
C/O SUZANNE LOPEZ
9100 Luna Del Oro Rd. NE
Albuquerque, NM 87111
Telephone
505-521-8020
10/21, 10/28, 11/4/2023
Mountain Views News 80 W Sierra Madre Blvd. No. 327 Sierra Madre, Ca. 91024 Office: 626.355.2737 Fax: 626.609.3285 Email: editor@mtnviewsnews.com Website: www.mtnviewsnews.com
